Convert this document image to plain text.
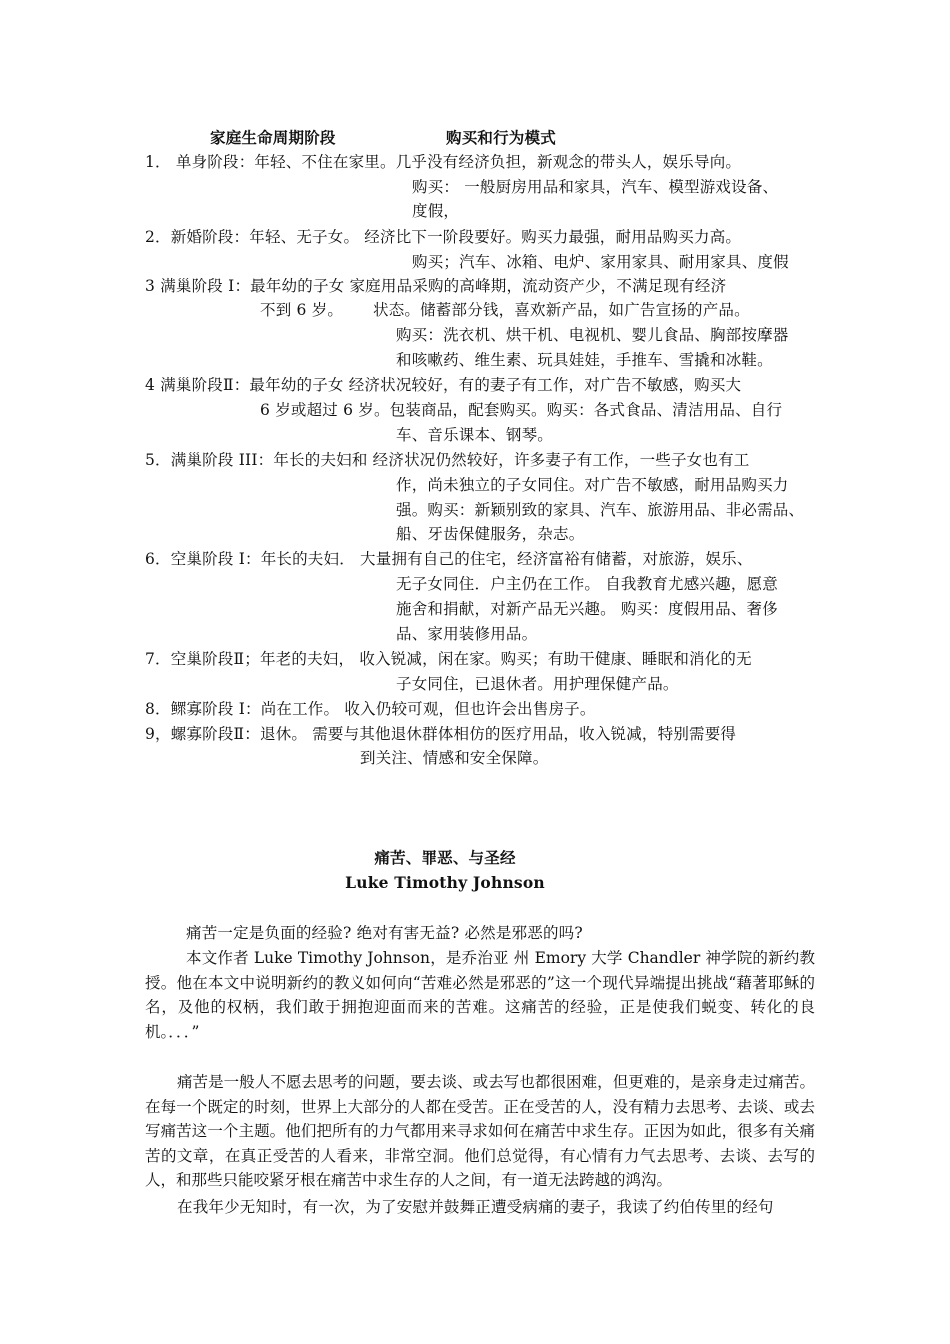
家庭生命周期阶段	购买和行为模式
1． 单身阶段：年轻、不住在家里。几乎没有经济负担，新观念的带头人，娱乐导向。
购买： 一般厨房用品和家具，汽车、模型游戏设备、
度假，
2．新婚阶段：年轻、无子女。 经济比下一阶段要好。购买力最强，耐用品购买力高。
购买；汽车、冰箱、电炉、家用家具、耐用家具、度假
3 满巢阶段 I：最年幼的子女 家庭用品采购的高峰期，流动资产少，不满足现有经济
不到 6 岁。 状态。储蓄部分钱，喜欢新产品，如广告宣扬的产品。
购买：洗衣机、烘干机、电视机、婴儿食品、胸部按摩器
和咳嗽药、维生素、玩具娃娃，手推车、雪撬和冰鞋。
4 满巢阶段Ⅱ：最年幼的子女 经济状况较好，有的妻子有工作，对广告不敏感，购买大
6 岁或超过 6 岁。包装商品，配套购买。购买：各式食品、清洁用品、自行
车、音乐课本、钢琴。
5．满巢阶段 III：年长的夫妇和 经济状况仍然较好，许多妻子有工作，一些子女也有工
作，尚未独立的子女同住。对广告不敏感，耐用品购买力
强。购买：新颖别致的家具、汽车、旅游用品、非必需品、
船、牙齿保健服务，杂志。
6．空巢阶段 I：年长的夫妇． 大量拥有自己的住宅，经济富裕有储蓄，对旅游，娱乐、
无子女同住．户主仍在工作。 自我教育尤感兴趣，愿意
施舍和捐献，对新产品无兴趣。 购买：度假用品、奢侈
品、家用装修用品。
7．空巢阶段Ⅱ；年老的夫妇， 收入锐减，闲在家。购买；有助干健康、睡眠和消化的无
子女同住，已退休者。用护理保健产品。
8．鳏寡阶段 I：尚在工作。 收入仍较可观，但也许会出售房子。
9，螺寡阶段Ⅱ：退休。 需要与其他退休群体相仿的医疗用品，收入锐减，特别需要得
到关注、情感和安全保障。
痛苦、罪恶、与圣经
Luke Timothy Johnson
痛苦一定是负面的经验? 绝对有害无益? 必然是邪恶的吗?
本文作者 Luke Timothy Johnson，是乔治亚 州 Emory 大学 Chandler 神学院的新约教授。他在本文中说明新约的教义如何向“苦难必然是邪恶的”这一个现代异端提出挑战“藉著耶稣的名，及他的权柄，我们敢于拥抱迎面而来的苦难。这痛苦的经验，正是使我们蜕变、转化的良机。．．．”
痛苦是一般人不愿去思考的问题，要去谈、或去写也都很困难，但更难的，是亲身走过痛苦。在每一个既定的时刻，世界上大部分的人都在受苦。正在受苦的人，没有精力去思考、去谈、或去写痛苦这一个主题。他们把所有的力气都用来寻求如何在痛苦中求生存。正因为如此，很多有关痛苦的文章，在真正受苦的人看来，非常空洞。他们总觉得，有心情有力气去思考、去谈、去写的人，和那些只能咬紧牙根在痛苦中求生存的人之间，有一道无法跨越的鸿沟。
在我年少无知时，有一次，为了安慰并鼓舞正遭受病痛的妻子，我读了约伯传里的经句
